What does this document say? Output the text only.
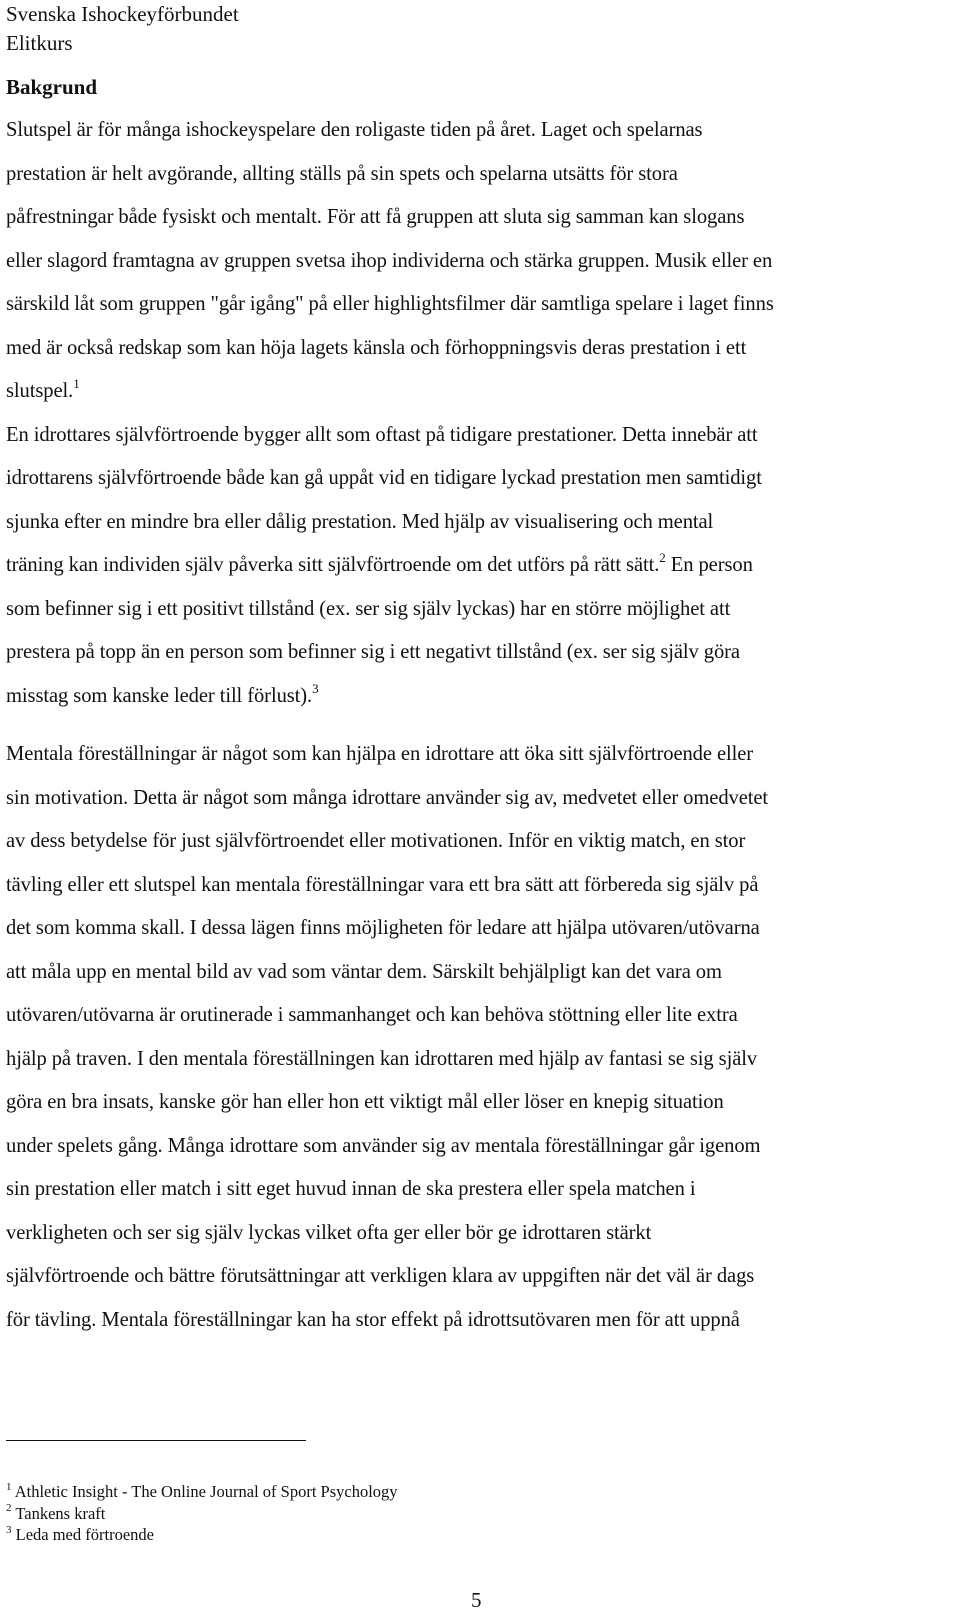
Svenska Ishockeyförbundet
Elitkurs
Bakgrund
Slutspel är för många ishockeyspelare den roligaste tiden på året. Laget och spelarnas
prestation är helt avgörande, allting ställs på sin spets och spelarna utsätts för stora
påfrestningar både fysiskt och mentalt. För att få gruppen att sluta sig samman kan slogans
eller slagord framtagna av gruppen svetsa ihop individerna och stärka gruppen. Musik eller en
särskild låt som gruppen "går igång" på eller highlightsfilmer där samtliga spelare i laget finns
med är också redskap som kan höja lagets känsla och förhoppningsvis deras prestation i ett
slutspel.$^1$
En idrottares självförtroende bygger allt som oftast på tidigare prestationer. Detta innebär att
idrottarens självförtroende både kan gå uppåt vid en tidigare lyckad prestation men samtidigt
sjunka efter en mindre bra eller dålig prestation. Med hjälp av visualisering och mental
träning kan individen själv påverka sitt självförtroende om det utförs på rätt sätt.$^2$ En person
som befinner sig i ett positivt tillstånd (ex. ser sig själv lyckas) har en större möjlighet att
prestera på topp än en person som befinner sig i ett negativt tillstånd (ex. ser sig själv göra
misstag som kanske leder till förlust).$^3$
Mentala föreställningar är något som kan hjälpa en idrottare att öka sitt självförtroende eller
sin motivation. Detta är något som många idrottare använder sig av, medvetet eller omedvetet
av dess betydelse för just självförtroendet eller motivationen. Inför en viktig match, en stor
tävling eller ett slutspel kan mentala föreställningar vara ett bra sätt att förbereda sig själv på
det som komma skall. I dessa lägen finns möjligheten för ledare att hjälpa utövaren/utövarna
att måla upp en mental bild av vad som väntar dem. Särskilt behjälpligt kan det vara om
utövaren/utövarna är orutinerade i sammanhanget och kan behöva stöttning eller lite extra
hjälp på traven. I den mentala föreställningen kan idrottaren med hjälp av fantasi se sig själv
göra en bra insats, kanske gör han eller hon ett viktigt mål eller löser en knepig situation
under spelets gång. Många idrottare som använder sig av mentala föreställningar går igenom
sin prestation eller match i sitt eget huvud innan de ska prestera eller spela matchen i
verkligheten och ser sig själv lyckas vilket ofta ger eller bör ge idrottaren stärkt
självförtroende och bättre förutsättningar att verkligen klara av uppgiften när det väl är dags
för tävling. Mentala föreställningar kan ha stor effekt på idrottsutövaren men för att uppnå
$^1$ Athletic Insight - The Online Journal of Sport Psychology
$^2$ Tankens kraft
$^3$ Leda med förtroende
5
